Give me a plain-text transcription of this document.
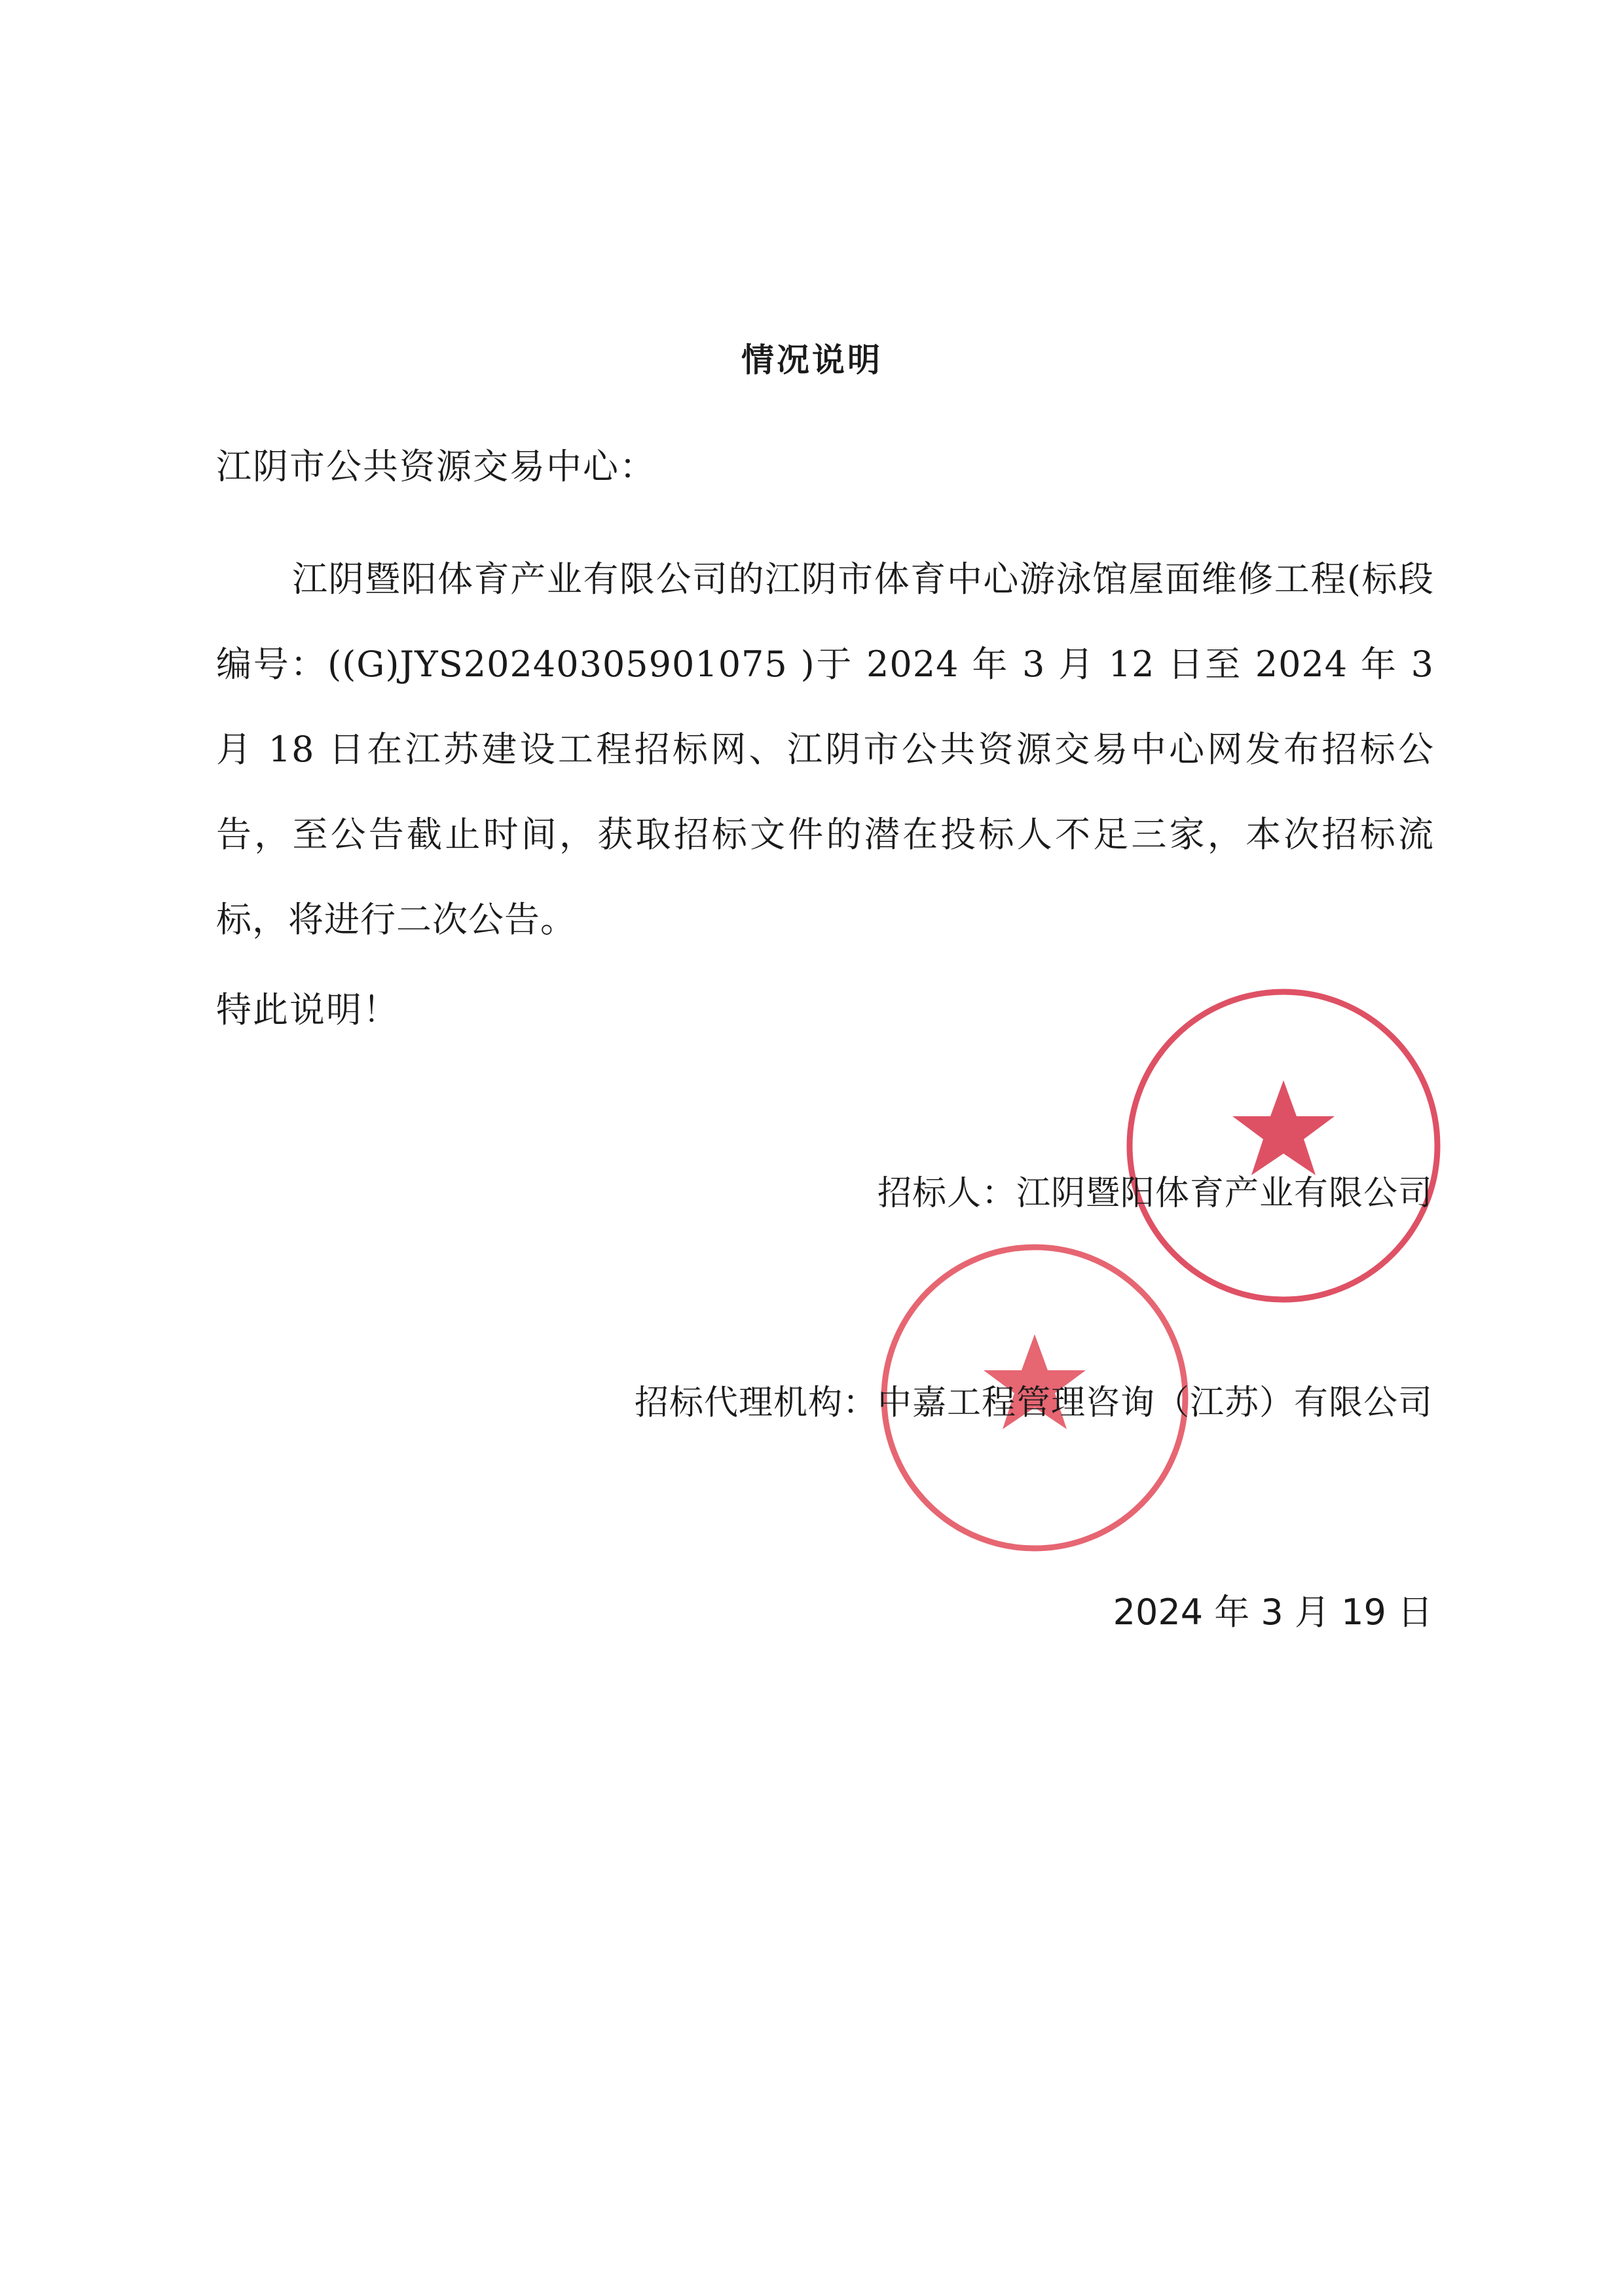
情况说明
江阴市公共资源交易中心：

江阴暨阳体育产业有限公司的江阴市体育中心游泳馆屋面维修工程(标段编号：((G)JYS20240305901075 )于 2024 年 3 月 12 日至 2024 年 3 月 18 日在江苏建设工程招标网、江阴市公共资源交易中心网发布招标公告，至公告截止时间，获取招标文件的潜在投标人不足三家，本次招标流标，将进行二次公告。

特此说明！
招标人：江阴暨阳体育产业有限公司
招标代理机构：中嘉工程管理咨询（江苏）有限公司
2024 年 3 月 19 日
